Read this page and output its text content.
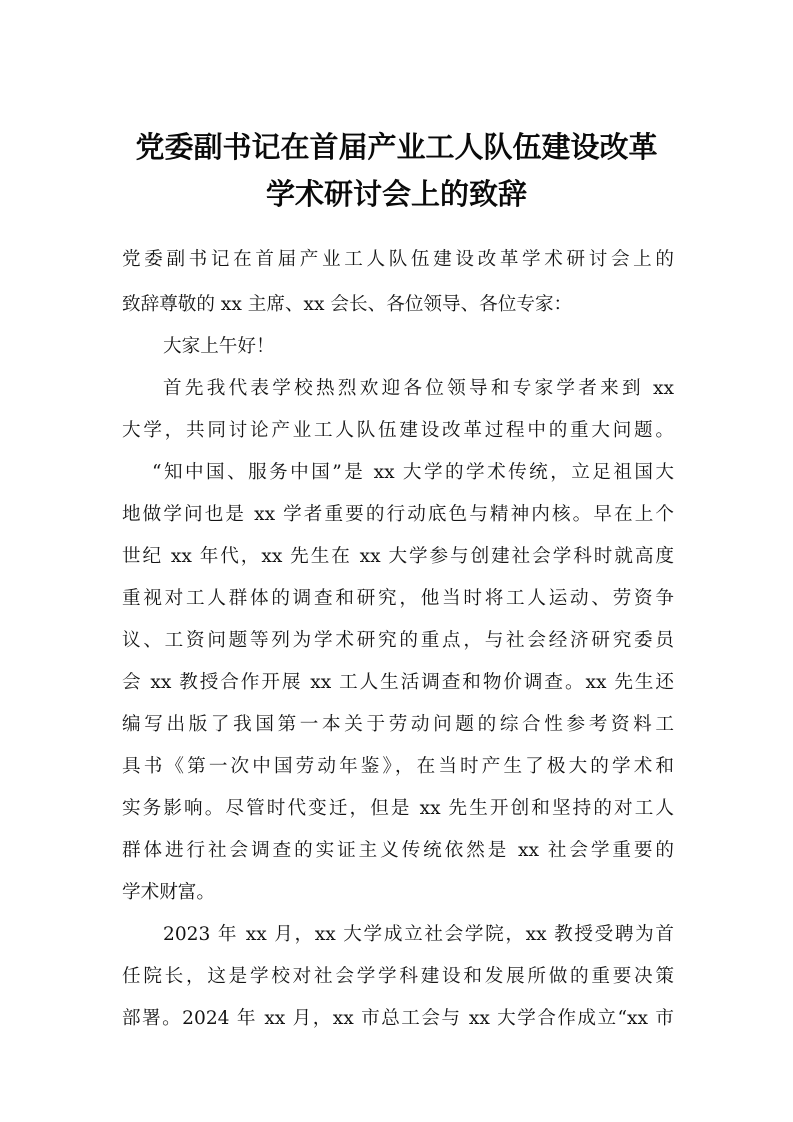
党委副书记在首届产业工人队伍建设改革
学术研讨会上的致辞
党委副书记在首届产业工人队伍建设改革学术研讨会上的
致辞尊敬的 xx 主席、xx 会长、各位领导、各位专家：
大家上午好！
首先我代表学校热烈欢迎各位领导和专家学者来到 xx
大学，共同讨论产业工人队伍建设改革过程中的重大问题。
“知中国、服务中国”是 xx 大学的学术传统，立足祖国大
地做学问也是 xx 学者重要的行动底色与精神内核。早在上个
世纪 xx 年代，xx 先生在 xx 大学参与创建社会学科时就高度
重视对工人群体的调查和研究，他当时将工人运动、劳资争
议、工资问题等列为学术研究的重点，与社会经济研究委员
会 xx 教授合作开展 xx 工人生活调查和物价调查。xx 先生还
编写出版了我国第一本关于劳动问题的综合性参考资料工
具书《第一次中国劳动年鉴》，在当时产生了极大的学术和
实务影响。尽管时代变迁，但是 xx 先生开创和坚持的对工人
群体进行社会调查的实证主义传统依然是 xx 社会学重要的
学术财富。
2023 年 xx 月，xx 大学成立社会学院，xx 教授受聘为首
任院长，这是学校对社会学学科建设和发展所做的重要决策
部署。2024 年 xx 月，xx 市总工会与 xx 大学合作成立“xx 市
